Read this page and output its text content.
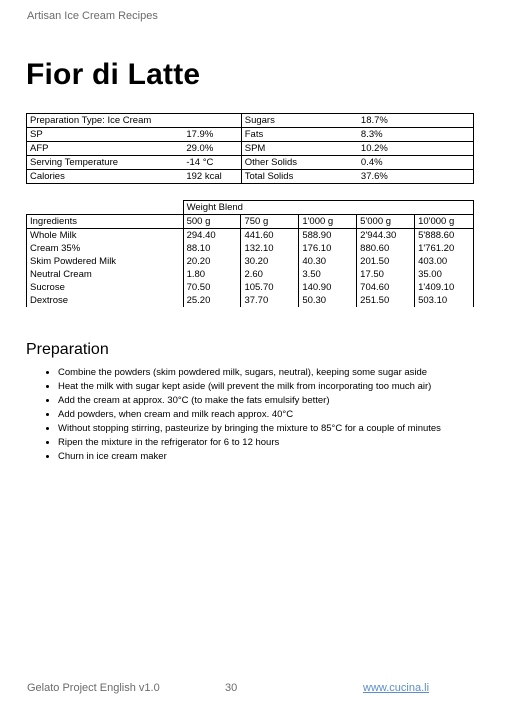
Artisan Ice Cream Recipes
Fior di Latte
Preparation Type: Ice Cream		Sugars	18.7%
SP	17.9%	Fats	8.3%
AFP	29.0%	SPM	10.2%
Serving Temperature	-14 °C	Other Solids	0.4%
Calories	192 kcal	Total Solids	37.6%
	Weight Blend				
Ingredients	500 g	750 g	1'000 g	5'000 g	10'000 g
Whole Milk	294.40	441.60	588.90	2'944.30	5'888.60
Cream 35%	88.10	132.10	176.10	880.60	1'761.20
Skim Powdered Milk	20.20	30.20	40.30	201.50	403.00
Neutral Cream	1.80	2.60	3.50	17.50	35.00
Sucrose	70.50	105.70	140.90	704.60	1'409.10
Dextrose	25.20	37.70	50.30	251.50	503.10
Preparation
• Combine the powders (skim powdered milk, sugars, neutral), keeping some sugar aside
• Heat the milk with sugar kept aside (will prevent the milk from incorporating too much air)
• Add the cream at approx. 30°C (to make the fats emulsify better)
• Add powders, when cream and milk reach approx. 40°C
• Without stopping stirring, pasteurize by bringing the mixture to 85°C for a couple of minutes
• Ripen the mixture in the refrigerator for 6 to 12 hours
• Churn in ice cream maker
Gelato Project English v1.0	30	www.cucina.li
